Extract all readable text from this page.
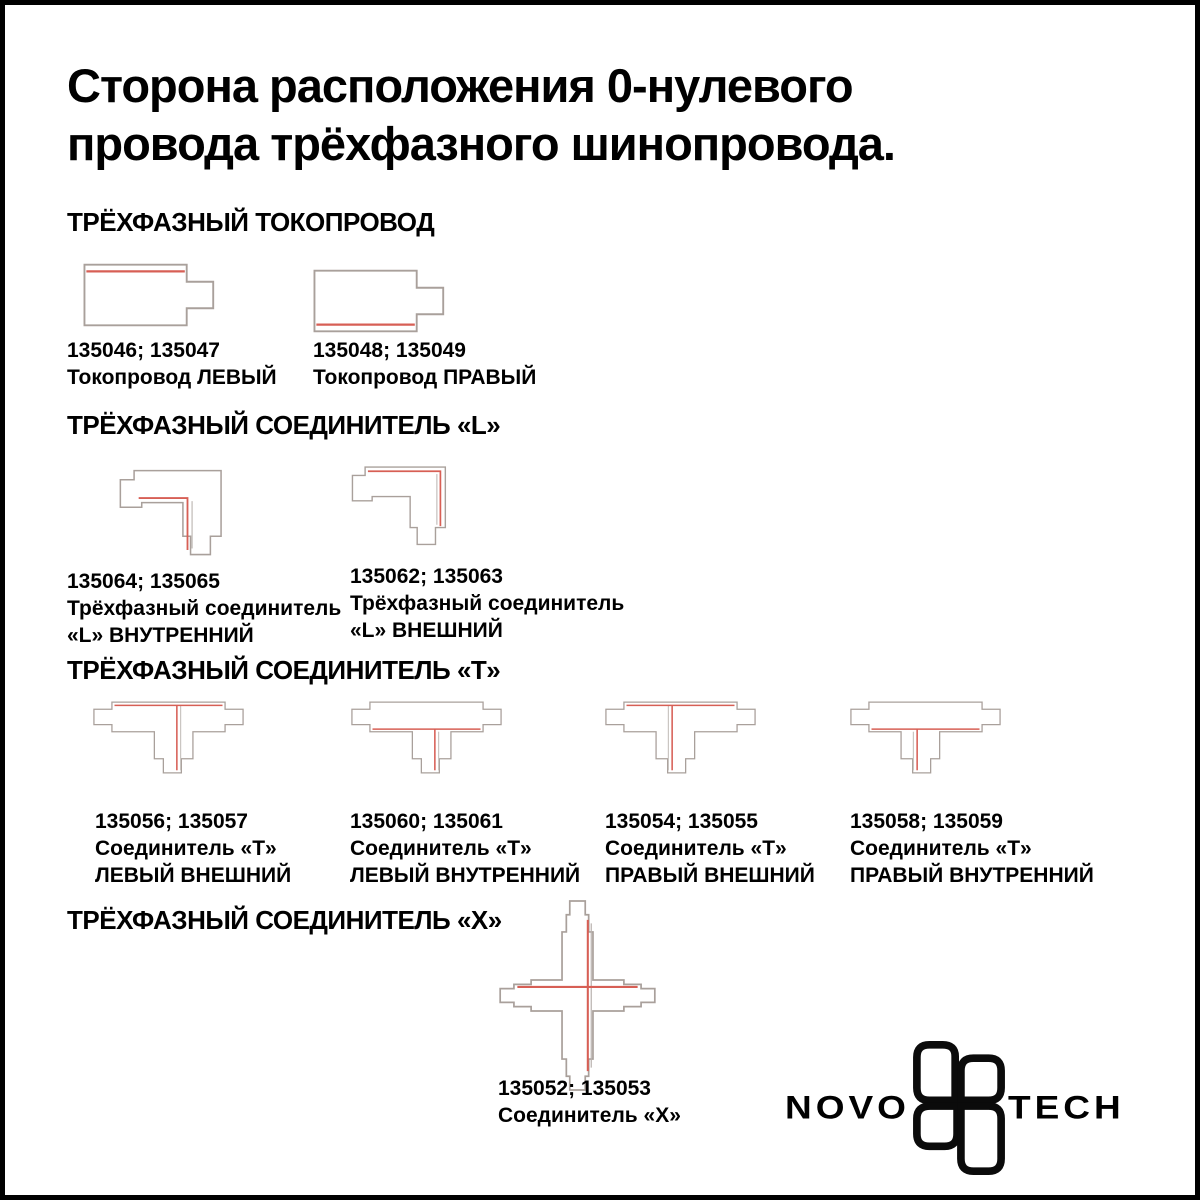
Сторона расположения 0-нулевого
провода трёхфазного шинопровода.
ТРЁХФАЗНЫЙ ТОКОПРОВОД
135046; 135047
Токопровод ЛЕВЫЙ
135048; 135049
Токопровод ПРАВЫЙ
ТРЁХФАЗНЫЙ СОЕДИНИТЕЛЬ «L»
135064; 135065
Трёхфазный соединитель
«L» ВНУТРЕННИЙ
135062; 135063
Трёхфазный соединитель
«L» ВНЕШНИЙ
ТРЁХФАЗНЫЙ СОЕДИНИТЕЛЬ «Т»
135056; 135057
Соединитель «Т»
ЛЕВЫЙ ВНЕШНИЙ
135060; 135061
Соединитель «Т»
ЛЕВЫЙ ВНУТРЕННИЙ
135054; 135055
Соединитель «Т»
ПРАВЫЙ ВНЕШНИЙ
135058; 135059
Соединитель «Т»
ПРАВЫЙ ВНУТРЕННИЙ
ТРЁХФАЗНЫЙ СОЕДИНИТЕЛЬ «X»
135052; 135053
Соединитель «X»	NOVO	TECH
